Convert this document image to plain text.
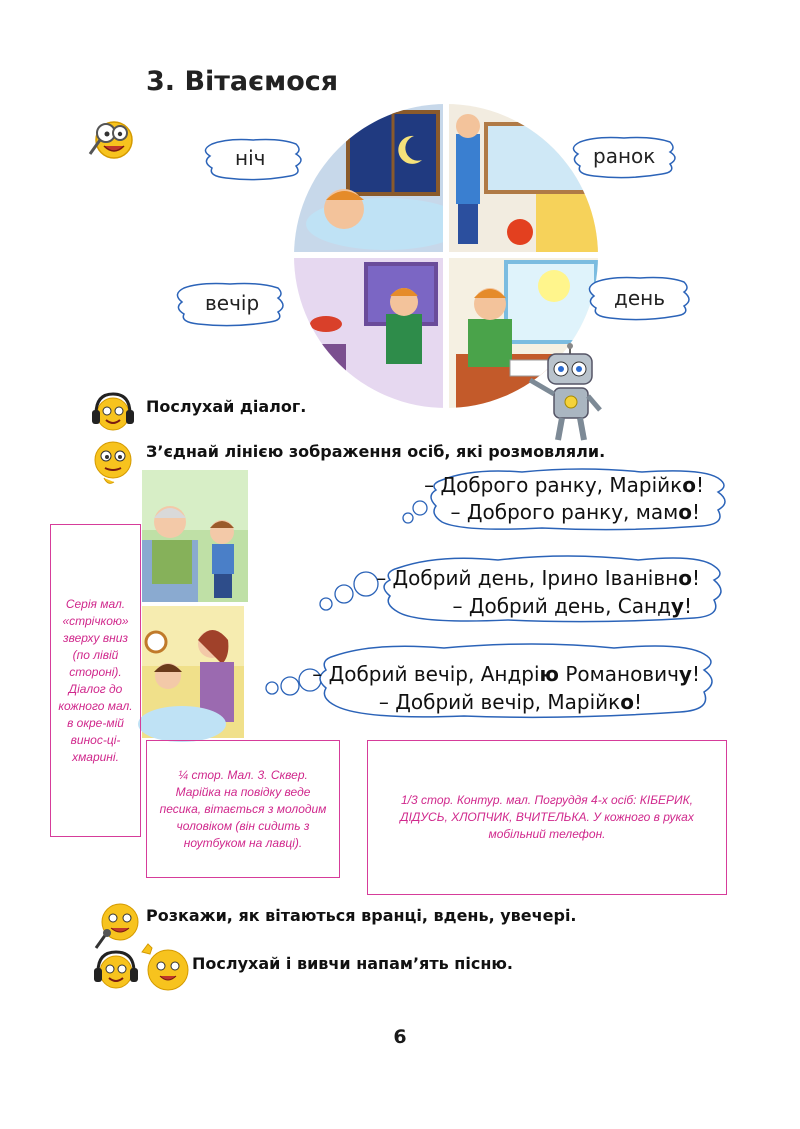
3. Вітаємося
ніч	ранок
вечір	день
Послухай діалог.
З’єднай лінією зображення осіб, які розмовляли.
– Доброго ранку, Марійко!
– Доброго ранку, мамо!
– Добрий день, Ірино Іванівно!
– Добрий день, Санду!
– Добрий вечір, Андрію Романовичу!
– Добрий вечір, Марійко!
Серія мал. «стрічкою» зверху вниз (по лівій стороні). Діалог до кожного мал. в окре-мій винос-ці-хмарині.
¼ стор. Мал. 3. Сквер. Марійка на повідку веде песика, вітається з молодим чоловіком (він сидить з ноутбуком на лавці).
1/3 стор. Контур. мал. Погруддя 4-х осіб: КІБЕРИК, ДІДУСЬ, ХЛОПЧИК, ВЧИТЕЛЬКА. У кожного в руках мобільний телефон.
Розкажи, як вітаються вранці, вдень, увечері.
Послухай і вивчи напам’ять пісню.
6
